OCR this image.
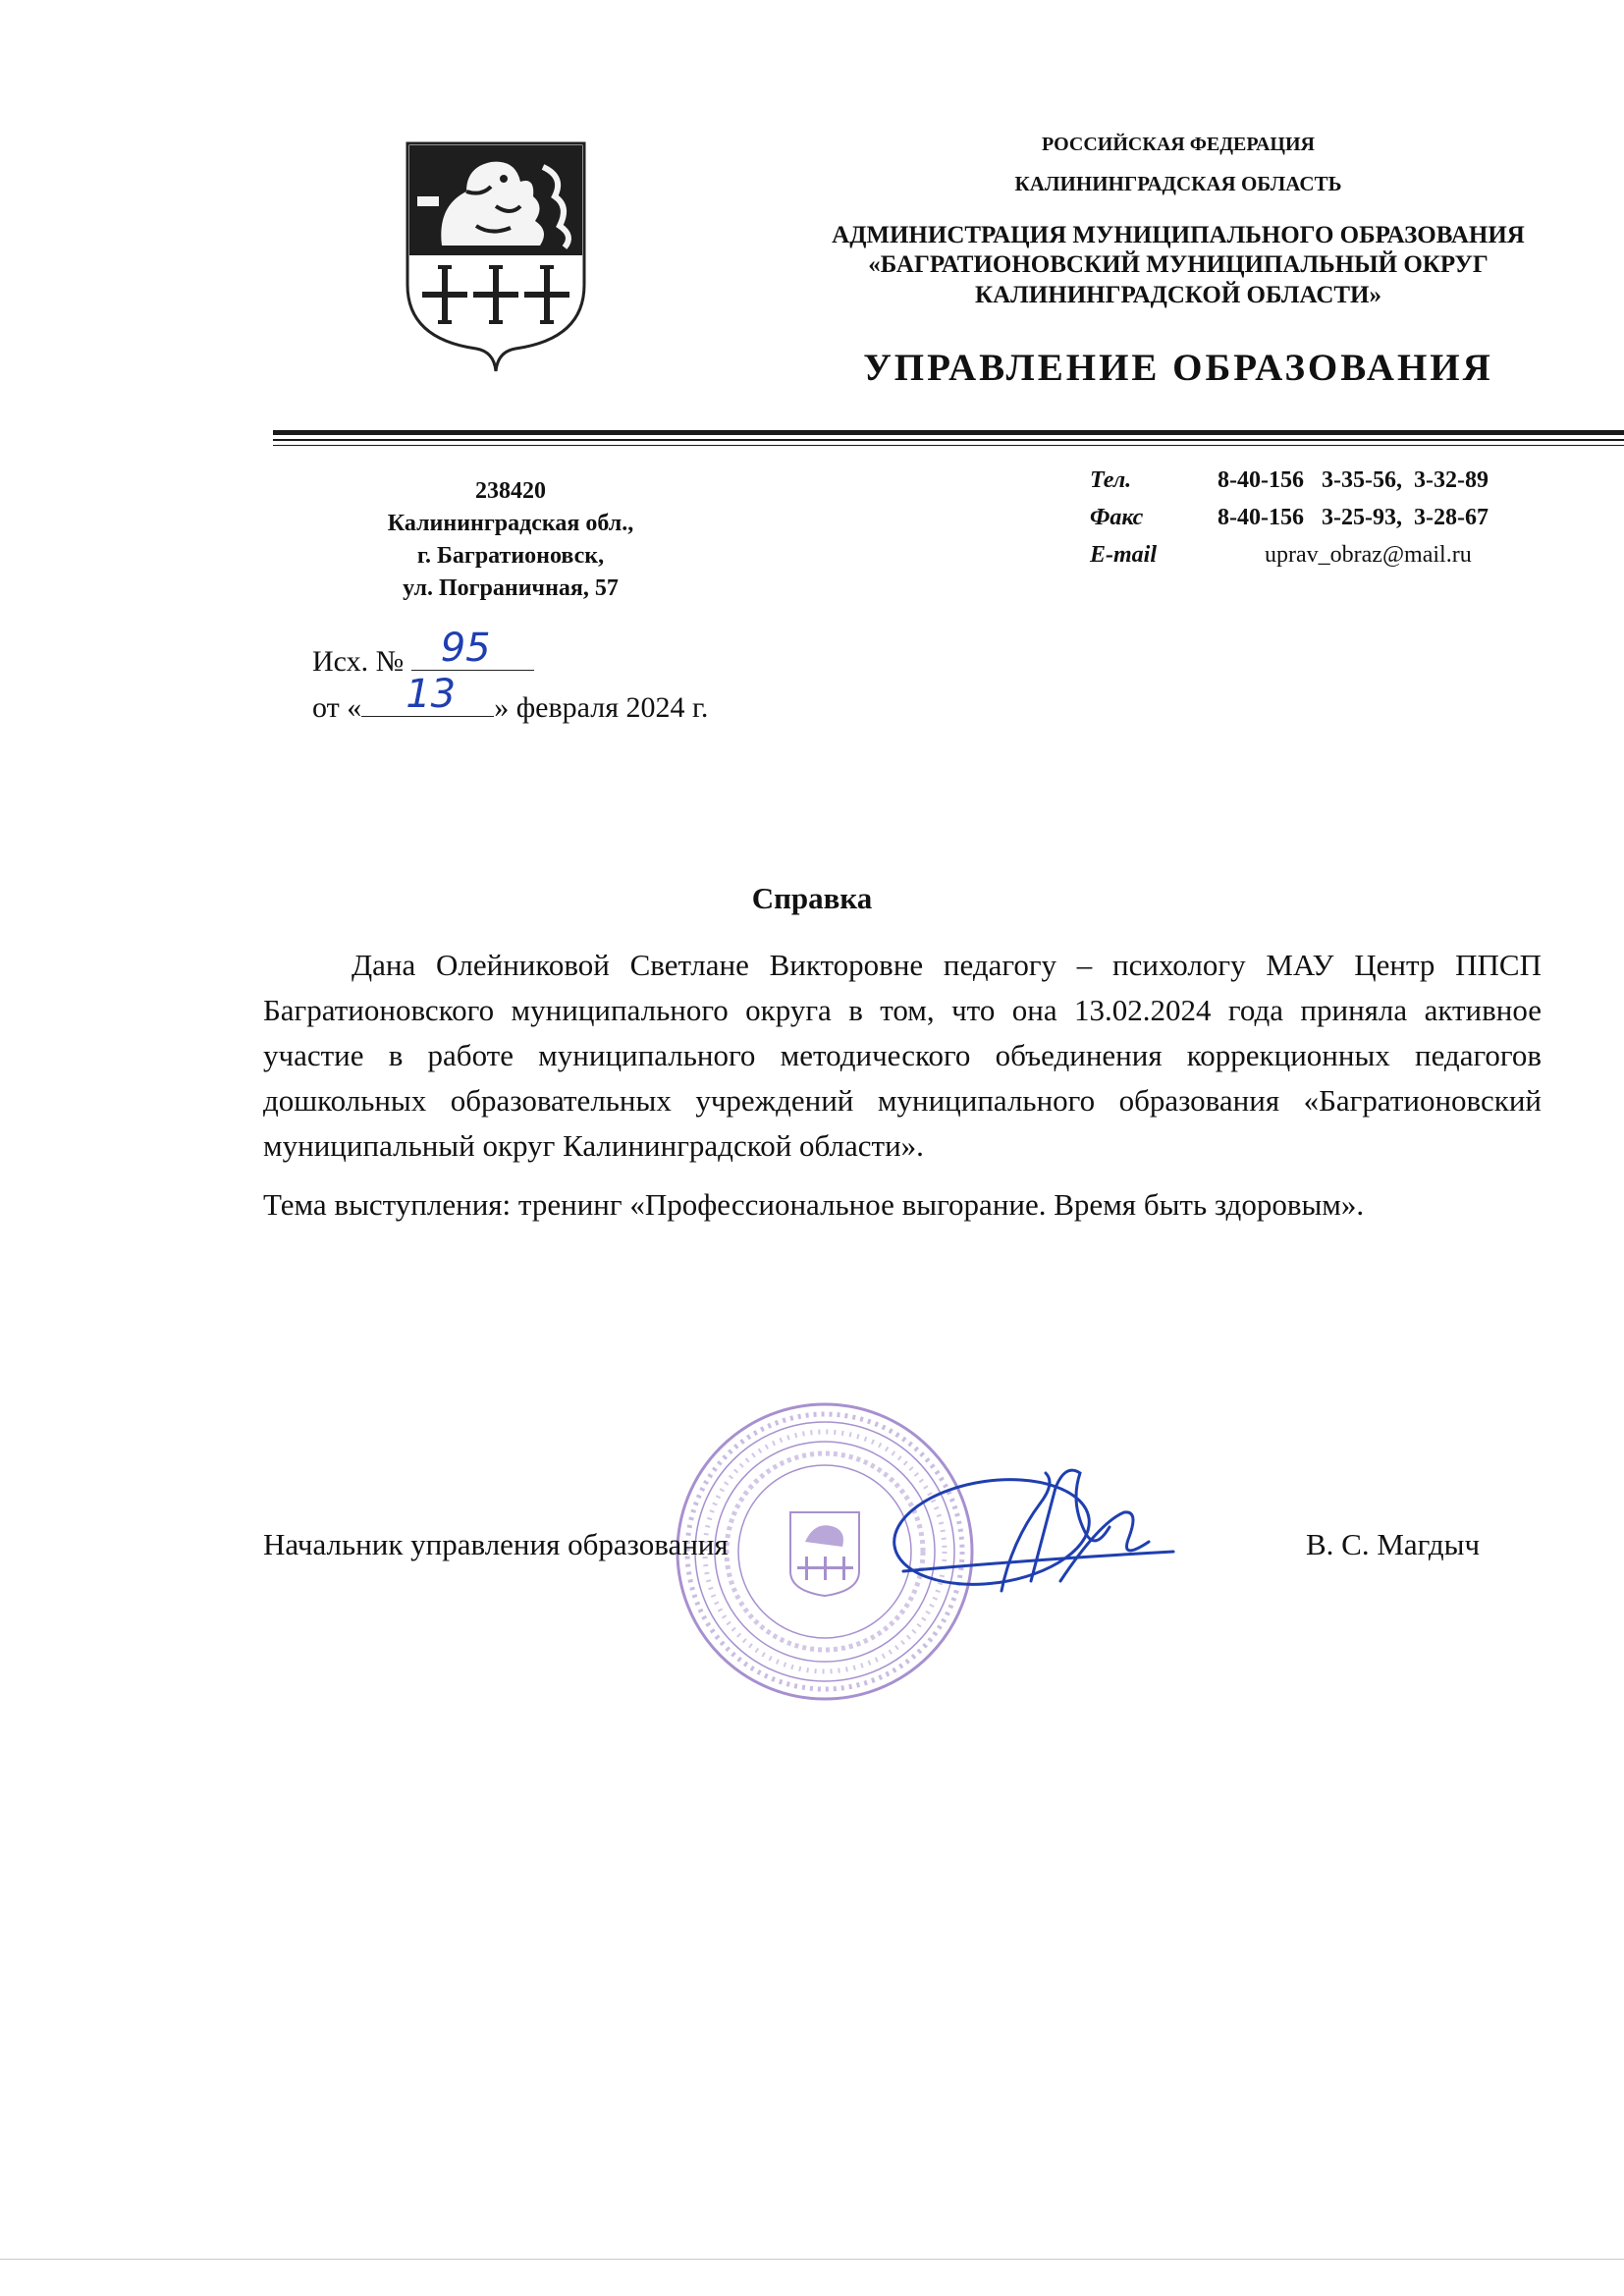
РОССИЙСКАЯ ФЕДЕРАЦИЯ
КАЛИНИНГРАДСКАЯ ОБЛАСТЬ
АДМИНИСТРАЦИЯ МУНИЦИПАЛЬНОГО ОБРАЗОВАНИЯ
«БАГРАТИОНОВСКИЙ МУНИЦИПАЛЬНЫЙ ОКРУГ
КАЛИНИНГРАДСКОЙ ОБЛАСТИ»
УПРАВЛЕНИЕ ОБРАЗОВАНИЯ
238420
Калининградская обл.,
г. Багратионовск,
ул. Пограничная, 57
Тел.	8-40-156   3-35-56,  3-32-89
Факс	8-40-156   3-25-93,  3-28-67
E-mail	uprav_obraz@mail.ru
Исх. № 95
от « 13 » февраля 2024 г.
Справка

Дана Олейниковой Светлане Викторовне педагогу – психологу МАУ Центр ППСП Багратионовского муниципального округа в том, что она 13.02.2024 года приняла активное участие в работе муниципального методического объединения коррекционных педагогов дошкольных образовательных учреждений муниципального образования «Багратионовский муниципальный округ Калининградской области».

Тема выступления: тренинг «Профессиональное выгорание. Время быть здоровым».

Начальник управления образования	В. С. Магдыч
